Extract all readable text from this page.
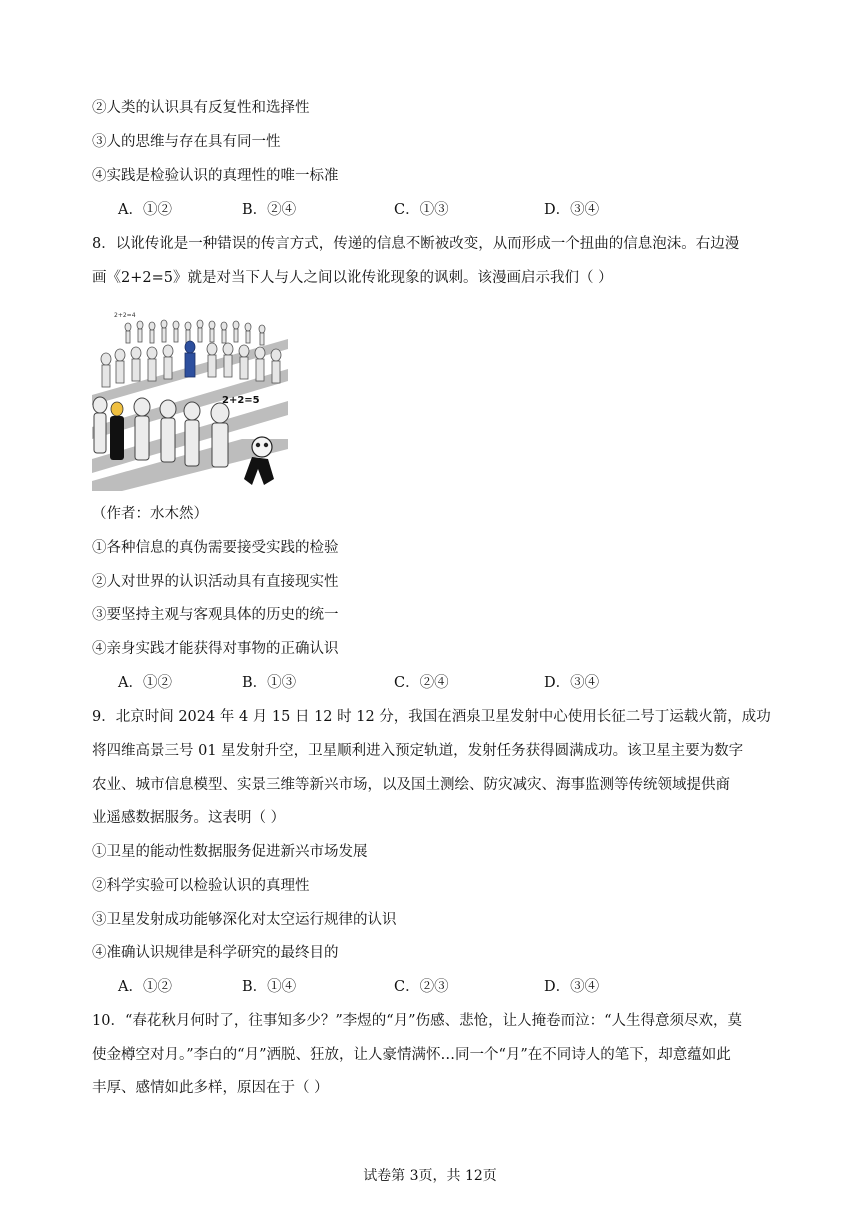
②人类的认识具有反复性和选择性
③人的思维与存在具有同一性
④实践是检验认识的真理性的唯一标准
A．①②	B．②④	C．①③	D．③④
8．以讹传讹是一种错误的传言方式，传递的信息不断被改变，从而形成一个扭曲的信息泡沫。右边漫
画《2+2=5》就是对当下人与人之间以讹传讹现象的讽刺。该漫画启示我们（ ）
2+2=4
2+2=5
（作者：水木然）
①各种信息的真伪需要接受实践的检验
②人对世界的认识活动具有直接现实性
③要坚持主观与客观具体的历史的统一
④亲身实践才能获得对事物的正确认识
A．①②	B．①③	C．②④	D．③④
9．北京时间 2024 年 4 月 15 日 12 时 12 分，我国在酒泉卫星发射中心使用长征二号丁运载火箭，成功
将四维高景三号 01 星发射升空，卫星顺利进入预定轨道，发射任务获得圆满成功。该卫星主要为数字
农业、城市信息模型、实景三维等新兴市场，以及国土测绘、防灾减灾、海事监测等传统领域提供商
业遥感数据服务。这表明（ ）
①卫星的能动性数据服务促进新兴市场发展
②科学实验可以检验认识的真理性
③卫星发射成功能够深化对太空运行规律的认识
④准确认识规律是科学研究的最终目的
A．①②	B．①④	C．②③	D．③④
10．“春花秋月何时了，往事知多少？”李煜的“月”伤感、悲怆，让人掩卷而泣：“人生得意须尽欢，莫
使金樽空对月。”李白的“月”洒脱、狂放，让人豪情满怀…同一个“月”在不同诗人的笔下，却意蕴如此
丰厚、感情如此多样，原因在于（ ）
试卷第 3页，共 12页
